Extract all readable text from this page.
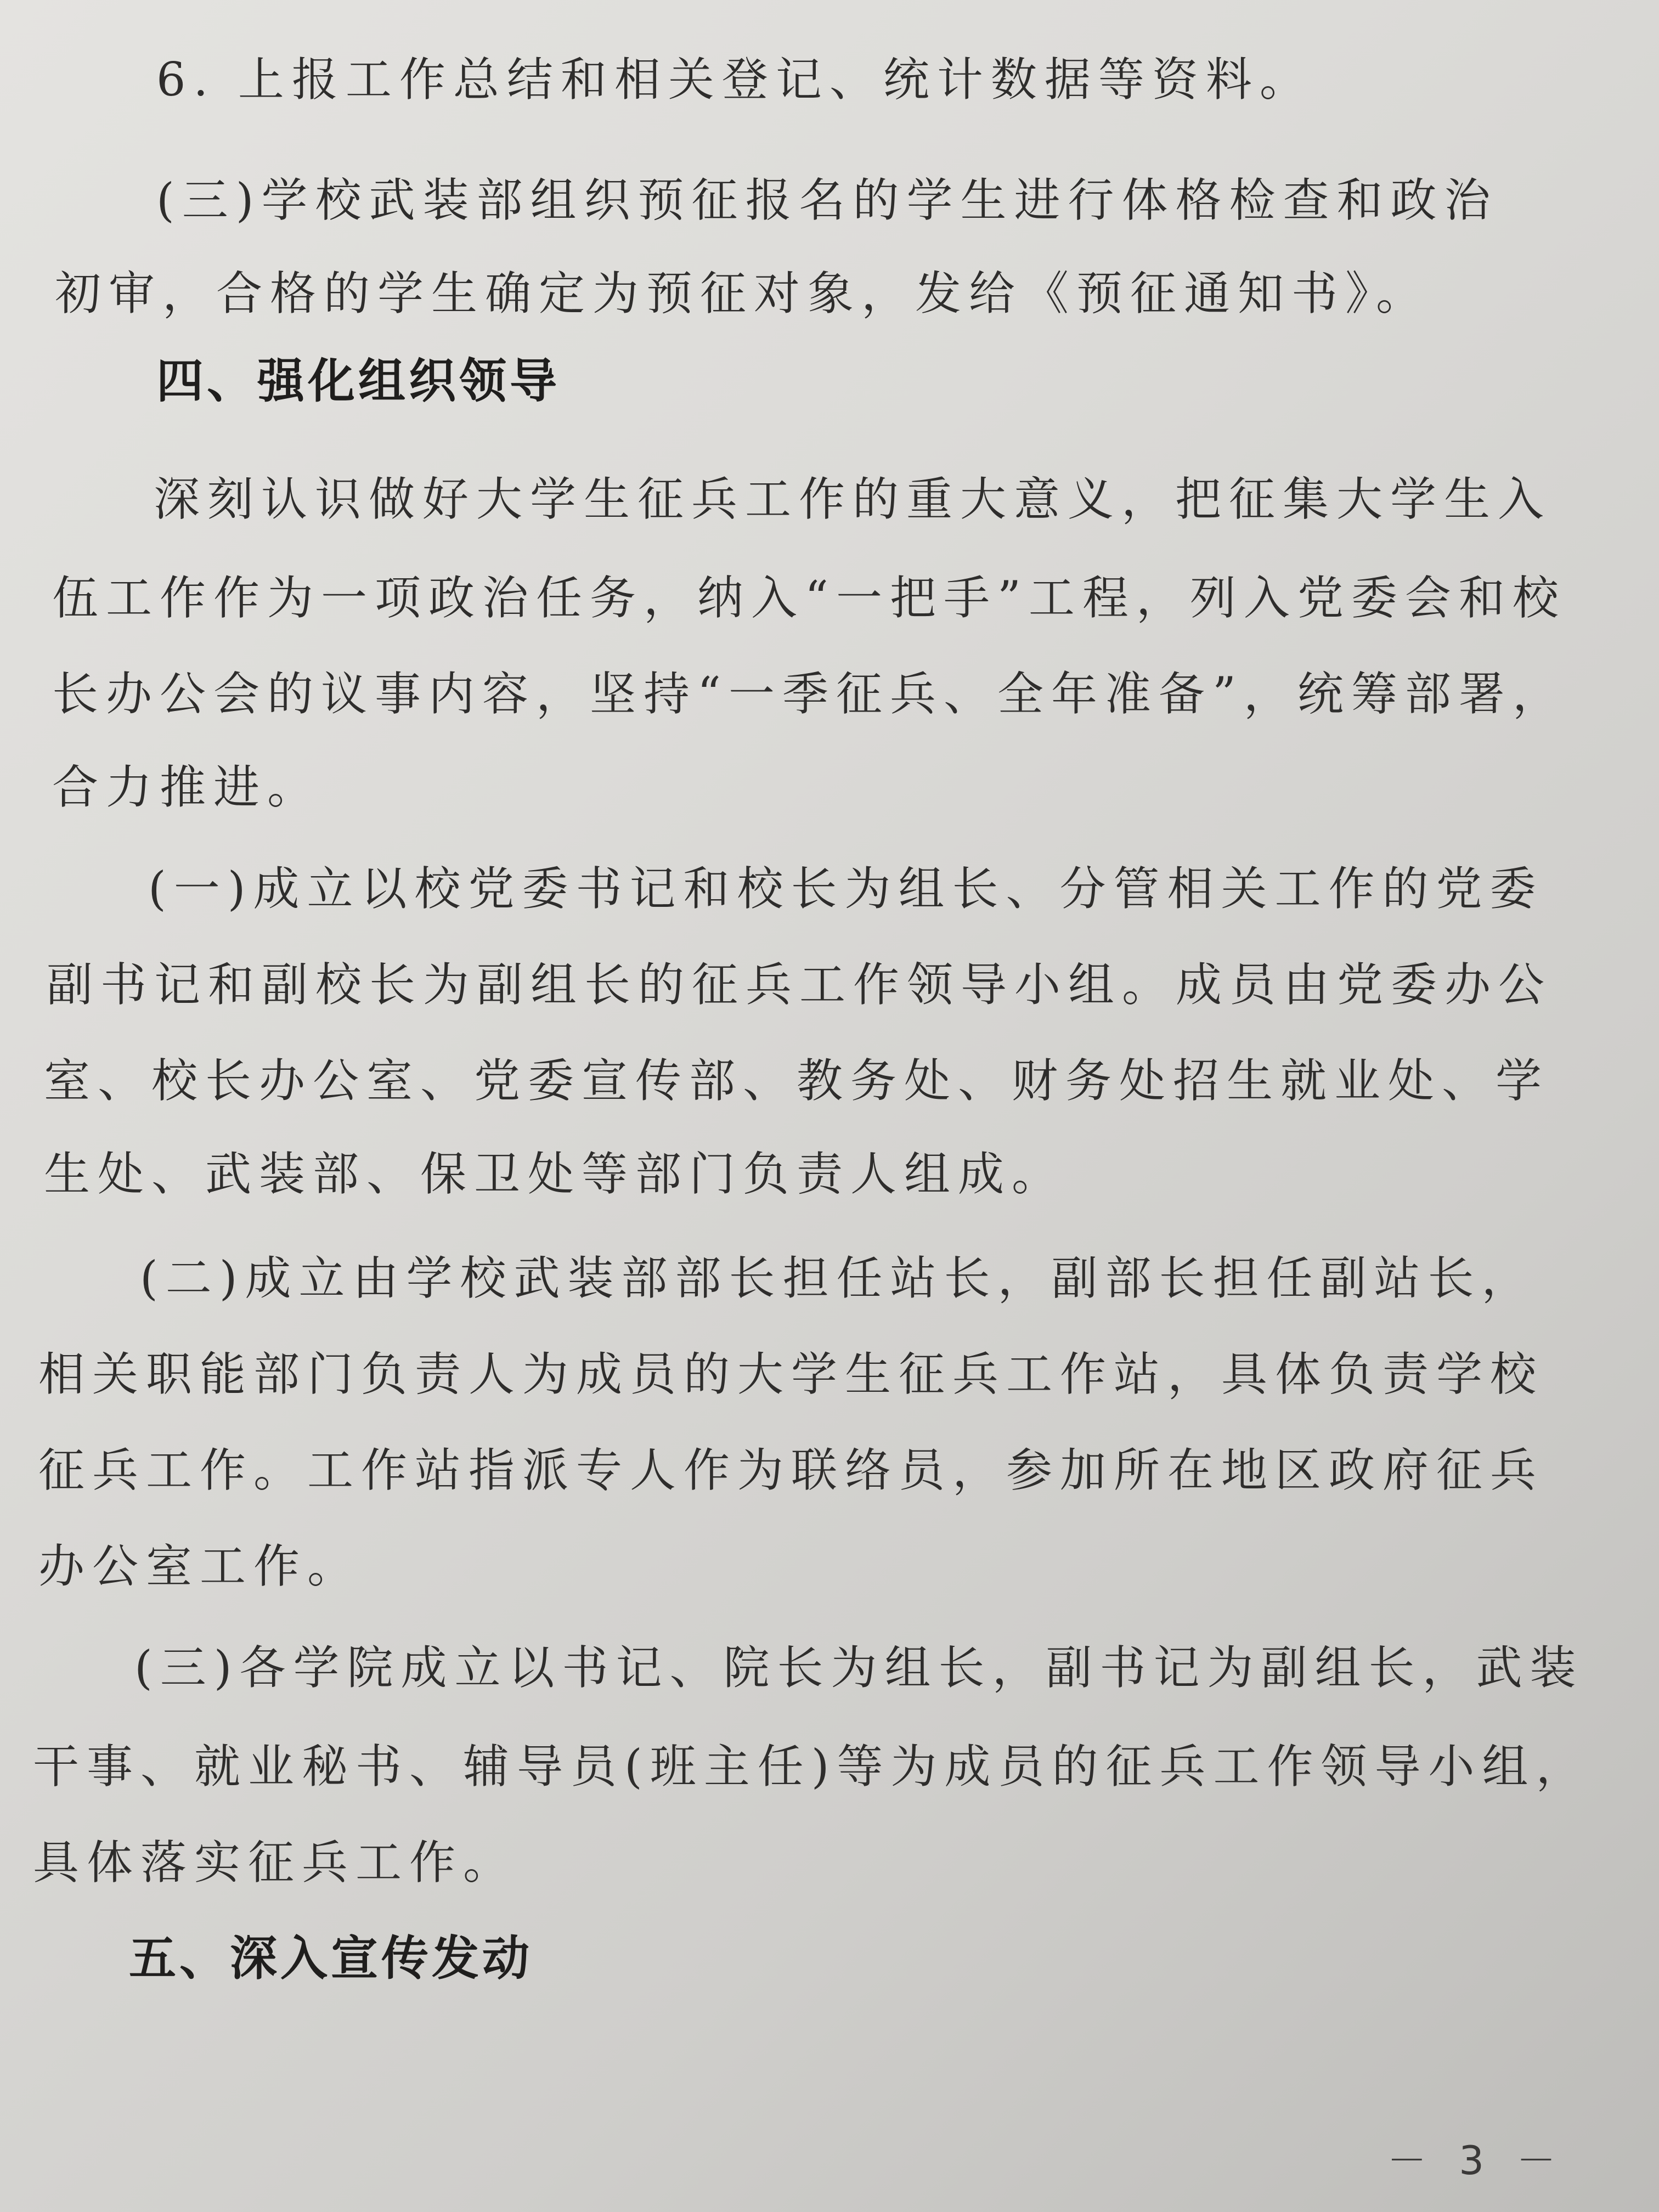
6. 上报工作总结和相关登记、统计数据等资料。
(三)学校武装部组织预征报名的学生进行体格检查和政治
初审，合格的学生确定为预征对象，发给《预征通知书》。
四、强化组织领导
深刻认识做好大学生征兵工作的重大意义，把征集大学生入
伍工作作为一项政治任务，纳入“一把手”工程，列入党委会和校
长办公会的议事内容，坚持“一季征兵、全年准备”，统筹部署，
合力推进。
(一)成立以校党委书记和校长为组长、分管相关工作的党委
副书记和副校长为副组长的征兵工作领导小组。成员由党委办公
室、校长办公室、党委宣传部、教务处、财务处招生就业处、学
生处、武装部、保卫处等部门负责人组成。
(二)成立由学校武装部部长担任站长，副部长担任副站长，
相关职能部门负责人为成员的大学生征兵工作站，具体负责学校
征兵工作。工作站指派专人作为联络员，参加所在地区政府征兵
办公室工作。
(三)各学院成立以书记、院长为组长，副书记为副组长，武装
干事、就业秘书、辅导员(班主任)等为成员的征兵工作领导小组，
具体落实征兵工作。
五、深入宣传发动
－ 3 －
